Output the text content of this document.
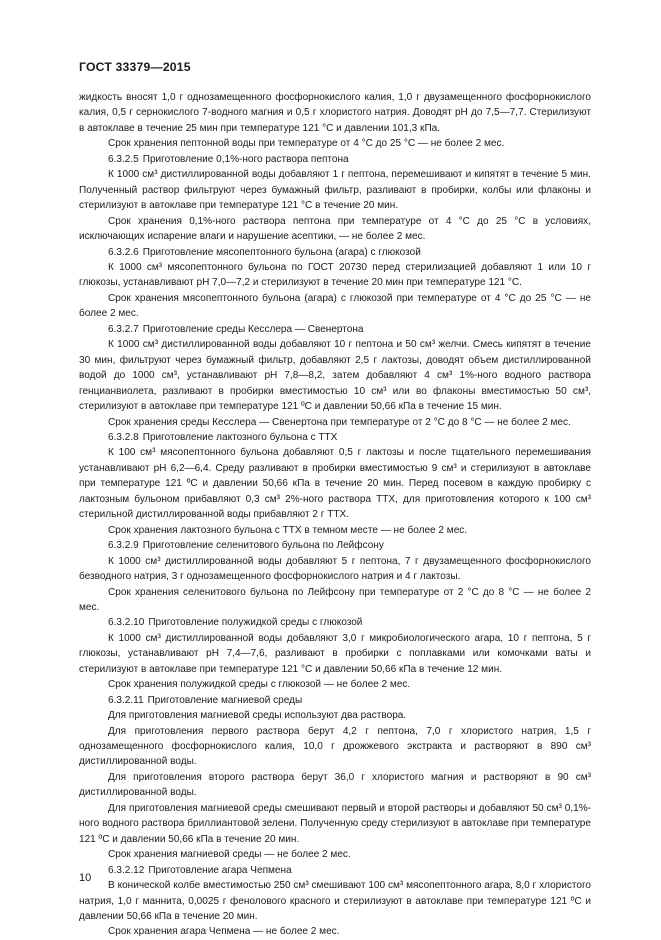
ГОСТ 33379—2015

жидкость вносят 1,0 г однозамещенного фосфорнокислого калия, 1,0 г двузамещенного фосфорнокислого калия, 0,5 г сернокислого 7-водного магния и 0,5 г хлористого натрия. Доводят pH до 7,5—7,7. Стерилизуют в автоклаве в течение 25 мин при температуре 121 °С и давлении 101,3 кПа.

Срок хранения пептонной воды при температуре от 4 °С до 25 °С — не более 2 мес.

6.3.2.5 Приготовление 0,1%-ного раствора пептона

К 1000 см³ дистиллированной воды добавляют 1 г пептона, перемешивают и кипятят в течение 5 мин. Полученный раствор фильтруют через бумажный фильтр, разливают в пробирки, колбы или флаконы и стерилизуют в автоклаве при температуре 121 °С в течение 20 мин.

Срок хранения 0,1%-ного раствора пептона при температуре от 4 °С до 25 °С в условиях, исключающих испарение влаги и нарушение асептики, — не более 2 мес.

6.3.2.6 Приготовление мясопептонного бульона (агара) с глюкозой

К 1000 см³ мясопептонного бульона по ГОСТ 20730 перед стерилизацией добавляют 1 или 10 г глюкозы, устанавливают pH 7,0—7,2 и стерилизуют в течение 20 мин при температуре 121 °С.

Срок хранения мясопептонного бульона (агара) с глюкозой при температуре от 4 °С до 25 °С — не более 2 мес.

6.3.2.7 Приготовление среды Кесслера — Свенертона

К 1000 см³ дистиллированной воды добавляют 10 г пептона и 50 см³ желчи. Смесь кипятят в течение 30 мин, фильтруют через бумажный фильтр, добавляют 2,5 г лактозы, доводят объем дистиллированной водой до 1000 см³, устанавливают pH 7,8—8,2, затем добавляют 4 см³ 1%-ного водного раствора генцианвиолета, разливают в пробирки вместимостью 10 см³ или во флаконы вместимостью 50 см³, стерилизуют в автоклаве при температуре 121 ºС и давлении 50,66 кПа в течение 15 мин.

Срок хранения среды Кесслера — Свенертона при температуре от 2 °С до 8 °С — не более 2 мес.

6.3.2.8 Приготовление лактозного бульона с ТТХ

К 100 см³ мясопептонного бульона добавляют 0,5 г лактозы и после тщательного перемешивания устанавливают pH 6,2—6,4. Среду разливают в пробирки вместимостью 9 см³ и стерилизуют в автоклаве при температуре 121 ºС и давлении 50,66 кПа в течение 20 мин. Перед посевом в каждую пробирку с лактозным бульоном прибавляют 0,3 см³ 2%-ного раствора ТТХ, для приготовления которого к 100 см³ стерильной дистиллированной воды прибавляют 2 г ТТХ.

Срок хранения лактозного бульона с ТТХ в темном месте — не более 2 мес.

6.3.2.9 Приготовление селенитового бульона по Лейфсону

К 1000 см³ дистиллированной воды добавляют 5 г пептона, 7 г двузамещенного фосфорнокислого безводного натрия, 3 г однозамещенного фосфорнокислого натрия и 4 г лактозы.

Срок хранения селенитового бульона по Лейфсону при температуре от 2 °С до 8 °С — не более 2 мес.

6.3.2.10 Приготовление полужидкой среды с глюкозой

К 1000 см³ дистиллированной воды добавляют 3,0 г микробиологического агара, 10 г пептона, 5 г глюкозы, устанавливают pH 7,4—7,6, разливают в пробирки с поплавками или комочками ваты и стерилизуют в автоклаве при температуре 121 °С и давлении 50,66 кПа в течение 12 мин.

Срок хранения полужидкой среды с глюкозой — не более 2 мес.

6.3.2.11 Приготовление магниевой среды

Для приготовления магниевой среды используют два раствора.

Для приготовления первого раствора берут 4,2 г пептона, 7,0 г хлористого натрия, 1,5 г однозамещенного фосфорнокислого калия, 10,0 г дрожжевого экстракта и растворяют в 890 см³ дистиллированной воды.

Для приготовления второго раствора берут 36,0 г хлористого магния и растворяют в 90 см³ дистиллированной воды.

Для приготовления магниевой среды смешивают первый и второй растворы и добавляют 50 см³ 0,1%-ного водного раствора бриллиантовой зелени. Полученную среду стерилизуют в автоклаве при температуре 121 ºС и давлении 50,66 кПа в течение 20 мин.

Срок хранения магниевой среды — не более 2 мес.

6.3.2.12 Приготовление агара Чепмена

В конической колбе вместимостью 250 см³ смешивают 100 см³ мясопептонного агара, 8,0 г хлористого натрия, 1,0 г маннита, 0,0025 г фенолового красного и стерилизуют в автоклаве при температуре 121 ºС и давлении 50,66 кПа в течение 20 мин.

Срок хранения агара Чепмена — не более 2 мес.

10
